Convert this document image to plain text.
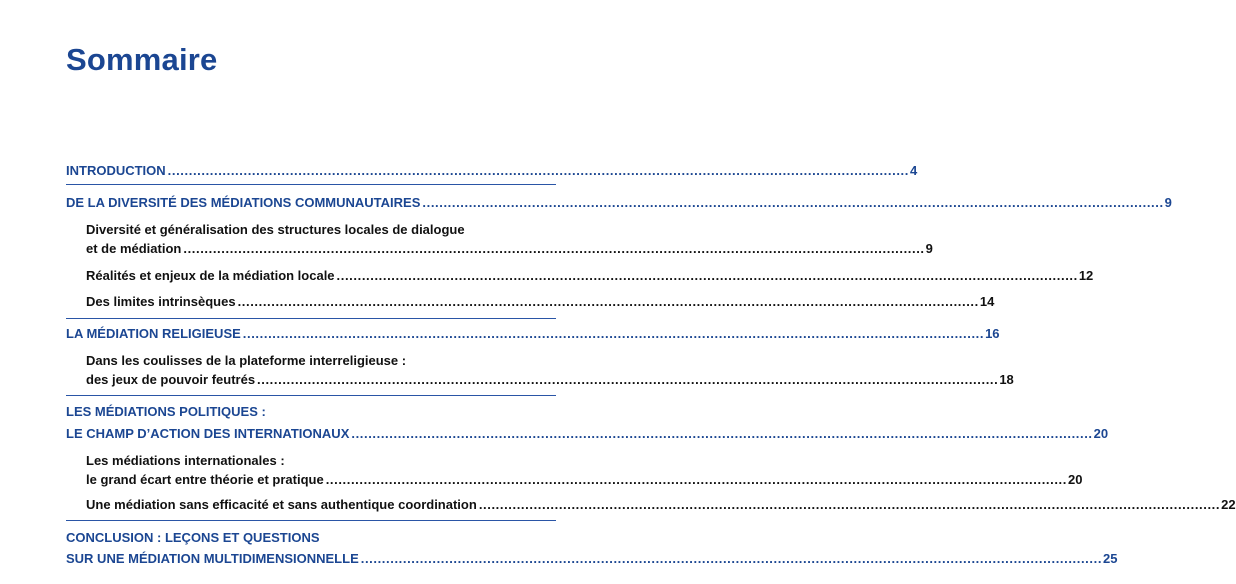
Sommaire
INTRODUCTION ................................................................................................................................................................................ 4
DE LA DIVERSITÉ DES MÉDIATIONS COMMUNAUTAIRES ................................................................................................................................................................................ 9
Diversité et généralisation des structures locales de dialogue
et de médiation ................................................................................................................................................................................ 9
Réalités et enjeux de la médiation locale ................................................................................................................................................................................ 12
Des limites intrinsèques ................................................................................................................................................................................ 14
LA MÉDIATION RELIGIEUSE ................................................................................................................................................................................ 16
Dans les coulisses de la plateforme interreligieuse :
des jeux de pouvoir feutrés ................................................................................................................................................................................ 18
LES MÉDIATIONS POLITIQUES :
LE CHAMP D’ACTION DES INTERNATIONAUX ................................................................................................................................................................................ 20
Les médiations internationales :
le grand écart entre théorie et pratique ................................................................................................................................................................................ 20
Une médiation sans efficacité et sans authentique coordination ................................................................................................................................................................................ 22
CONCLUSION : LEÇONS ET QUESTIONS
SUR UNE MÉDIATION MULTIDIMENSIONNELLE ................................................................................................................................................................................ 25
